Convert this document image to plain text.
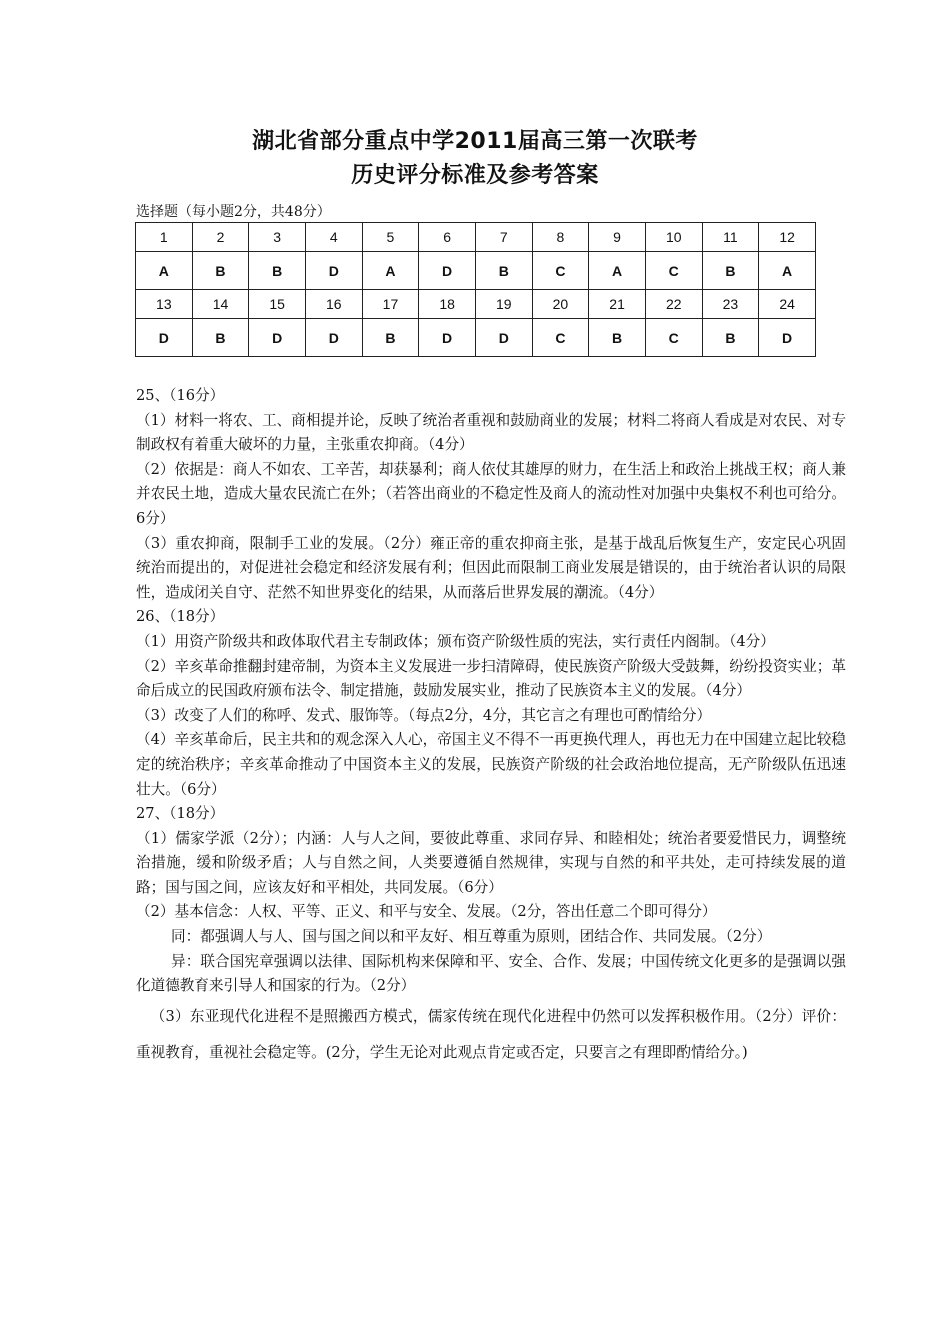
湖北省部分重点中学2011届高三第一次联考
历史评分标准及参考答案
选择题（每小题2分，共48分）
1	2	3	4	5	6	7	8	9	10	11	12
A	B	B	D	A	D	B	C	A	C	B	A
13	14	15	16	17	18	19	20	21	22	23	24
D	B	D	D	B	D	D	C	B	C	B	D

25、（16分）

（1）材料一将农、工、商相提并论，反映了统治者重视和鼓励商业的发展；材料二将商人看成是对农民、对专制政权有着重大破坏的力量，主张重农抑商。（4分）

（2）依据是：商人不如农、工辛苦，却获暴利；商人依仗其雄厚的财力，在生活上和政治上挑战王权；商人兼并农民土地，造成大量农民流亡在外；（若答出商业的不稳定性及商人的流动性对加强中央集权不利也可给分。6分）

（3）重农抑商，限制手工业的发展。（2分）雍正帝的重农抑商主张，是基于战乱后恢复生产，安定民心巩固统治而提出的，对促进社会稳定和经济发展有利；但因此而限制工商业发展是错误的，由于统治者认识的局限性，造成闭关自守、茫然不知世界变化的结果，从而落后世界发展的潮流。（4分）

26、（18分）

（1）用资产阶级共和政体取代君主专制政体；颁布资产阶级性质的宪法，实行责任内阁制。（4分）

（2）辛亥革命推翻封建帝制，为资本主义发展进一步扫清障碍，使民族资产阶级大受鼓舞，纷纷投资实业；革命后成立的民国政府颁布法令、制定措施，鼓励发展实业，推动了民族资本主义的发展。（4分）

（3）改变了人们的称呼、发式、服饰等。（每点2分，4分，其它言之有理也可酌情给分）

（4）辛亥革命后，民主共和的观念深入人心，帝国主义不得不一再更换代理人，再也无力在中国建立起比较稳定的统治秩序；辛亥革命推动了中国资本主义的发展，民族资产阶级的社会政治地位提高，无产阶级队伍迅速壮大。（6分）

27、（18分）

（1）儒家学派（2分）；内涵：人与人之间，要彼此尊重、求同存异、和睦相处；统治者要爱惜民力，调整统治措施，缓和阶级矛盾；人与自然之间，人类要遵循自然规律，实现与自然的和平共处，走可持续发展的道路；国与国之间，应该友好和平相处，共同发展。（6分）

（2）基本信念：人权、平等、正义、和平与安全、发展。（2分，答出任意二个即可得分）

同：都强调人与人、国与国之间以和平友好、相互尊重为原则，团结合作、共同发展。（2分）

异：联合国宪章强调以法律、国际机构来保障和平、安全、合作、发展；中国传统文化更多的是强调以强化道德教育来引导人和国家的行为。（2分）

（3）东亚现代化进程不是照搬西方模式，儒家传统在现代化进程中仍然可以发挥积极作用。（2分）评价：重视教育，重视社会稳定等。(2分，学生无论对此观点肯定或否定，只要言之有理即酌情给分。)
